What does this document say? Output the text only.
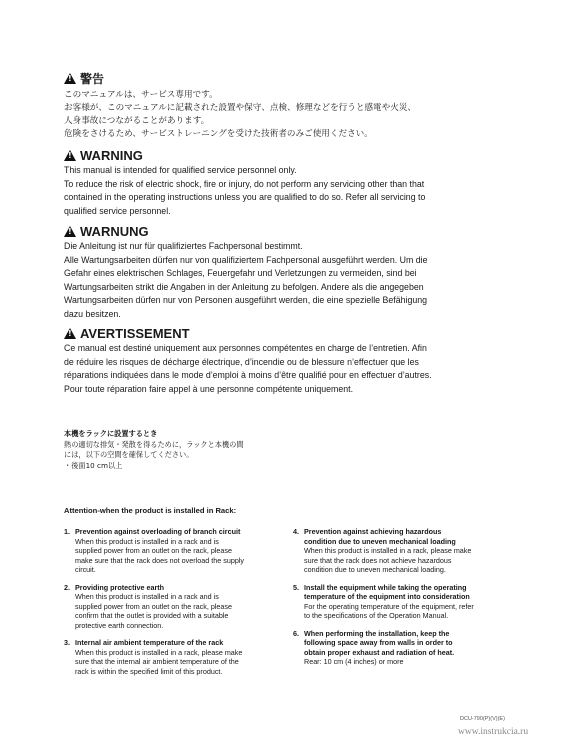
!
警告
このマニュアルは、サービス専用です。
お客様が、このマニュアルに記載された設置や保守、点検、修理などを行うと感電や火災、
人身事故につながることがあります。
危険をさけるため、サービストレーニングを受けた技術者のみご使用ください。
!
WARNING
This manual is intended for qualified service personnel only.
To reduce the risk of electric shock, fire or injury, do not perform any servicing other than that
contained in the operating instructions unless you are qualified to do so. Refer all servicing to
qualified service personnel.
!
WARNUNG
Die Anleitung ist nur für qualifiziertes Fachpersonal bestimmt.
Alle Wartungsarbeiten dürfen nur von qualifiziertem Fachpersonal ausgeführt werden. Um die
Gefahr eines elektrischen Schlages, Feuergefahr und Verletzungen zu vermeiden, sind bei
Wartungsarbeiten strikt die Angaben in der Anleitung zu befolgen. Andere als die angegeben
Wartungsarbeiten dürfen nur von Personen ausgeführt werden, die eine spezielle Befähigung
dazu besitzen.
!
AVERTISSEMENT
Ce manual est destiné uniquement aux personnes compétentes en charge de l’entretien. Afin
de réduire les risques de décharge électrique, d’incendie ou de blessure n’effectuer que les
réparations indiquées dans le mode d’emploi à moins d’être qualifié pour en effectuer d’autres.
Pour toute réparation faire appel à une personne compétente uniquement.
本機をラックに設置するとき
熱の適切な排気・発散を得るために，ラックと本機の間
には，以下の空間を確保してください。
・後面10 cm以上
Attention-when the product is installed in Rack:
1. Prevention against overloading of branch circuit
When this product is installed in a rack and is
supplied power from an outlet on the rack, please
make sure that the rack does not overload the supply
circuit.
2. Providing protective earth
When this product is installed in a rack and is
supplied power from an outlet on the rack, please
confirm that the outlet is provided with a suitable
protective earth connection.
3. Internal air ambient temperature of the rack
When this product is installed in a rack, please make
sure that the internal air ambient temperature of the
rack is within the specified limit of this product.
4. Prevention against achieving hazardous
condition due to uneven mechanical loading
When this product is installed in a rack, please make
sure that the rack does not achieve hazardous
condition due to uneven mechanical loading.
5. Install the equipment while taking the operating
temperature of the equipment into consideration
For the operating temperature of the equipment, refer
to the specifications of the Operation Manual.
6. When performing the installation, keep the
following space away from walls in order to
obtain proper exhaust and radiation of heat.
Rear: 10 cm (4 inches) or more
DCU-790(P)(V)(E)
www.instrukcia.ru
